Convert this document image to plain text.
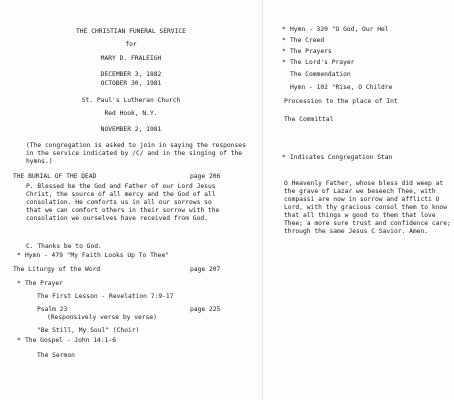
THE CHRISTIAN FUNERAL SERVICE
for
MARY D. FRALEIGH
DECEMBER 3, 1882
OCTOBER 30, 1981
St. Paul's Lutheran Church
Red Hook, N.Y.
NOVEMBER 2, 1981
(The congregation is asked to join in saying the responses in the service indicated by /C/ and in the singing of the hymns.)
THE BURIAL OF THE DEAD	page 206
P. Blessed be the God and Father of our Lord Jesus Christ, the source of all mercy and the God of all consolation. He comforts us in all our sorrows so that we can comfort others in their sorrow with the consolation we ourselves have received from God.
C. Thanks be to God.
* Hymn - 479 "My Faith Looks Up To Thee"
The Liturgy of the Word	page 207
* The Prayer
The First Lesson - Revelation 7:9-17
Psalm 23	page 225
(Responsively verse by verse)
"Be Still, My Soul" (Choir)
* The Gospel - John 14:1-6
The Sermon
* Hymn - 320 "O God, Our Hel
* The Creed
* The Prayers
* The Lord's Prayer
The Commendation
Hymn - 102 "Rise, O Childre
Procession to the place of Int
The Committal
* Indicates Congregation Stan
O Heavenly Father, whose bless did weep at the grave of Lazar we beseech Thee, with compassi are now in sorrow and afflicti O Lord, with thy gracious consol them to know that all things w good to them that love Thee; a more sure trust and confidence care; through the same Jesus C Savior. Amen.
